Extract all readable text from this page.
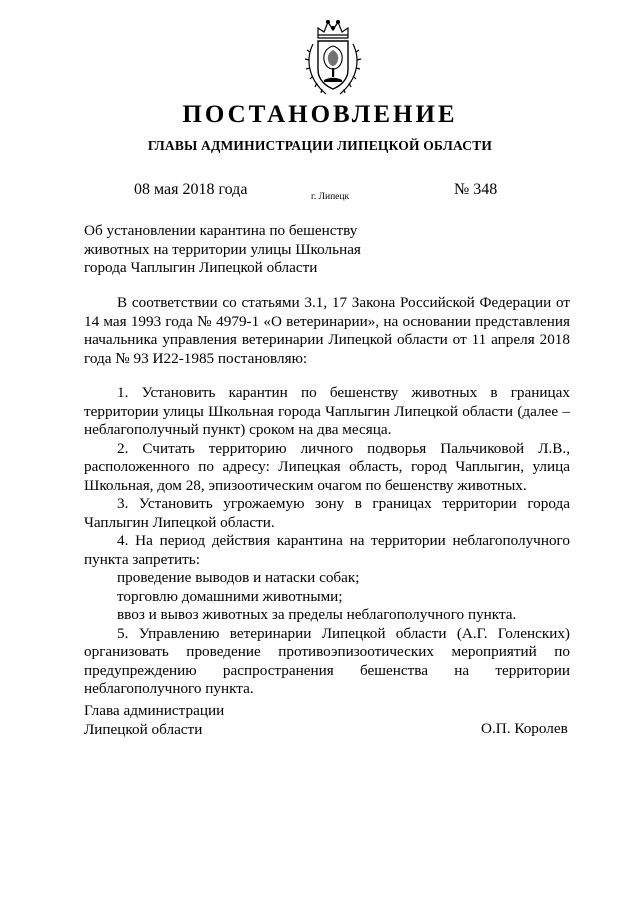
ПОСТАНОВЛЕНИЕ
ГЛАВЫ АДМИНИСТРАЦИИ ЛИПЕЦКОЙ ОБЛАСТИ
08 мая 2018 года	г. Липецк	№ 348
Об установлении карантина по бешенству
животных на территории улицы Школьная
города Чаплыгин Липецкой области

В соответствии со статьями 3.1, 17 Закона Российской Федерации от 14 мая 1993 года № 4979-1 «О ветеринарии», на основании представления начальника управления ветеринарии Липецкой области от 11 апреля 2018 года № 93 И22-1985 постановляю:

1. Установить карантин по бешенству животных в границах территории улицы Школьная города Чаплыгин Липецкой области (далее – неблагополучный пункт) сроком на два месяца.

2. Считать территорию личного подворья Пальчиковой Л.В., расположенного по адресу: Липецкая область, город Чаплыгин, улица Школьная, дом 28, эпизоотическим очагом по бешенству животных.

3. Установить угрожаемую зону в границах территории города Чаплыгин Липецкой области.

4. На период действия карантина на территории неблагополучного пункта запретить:

проведение выводов и натаски собак;

торговлю домашними животными;

ввоз и вывоз животных за пределы неблагополучного пункта.

5. Управлению ветеринарии Липецкой области (А.Г. Голенских) организовать проведение противоэпизоотических мероприятий по предупреждению распространения бешенства на территории неблагополучного пункта.

Глава администрации
Липецкой области	О.П. Королев
